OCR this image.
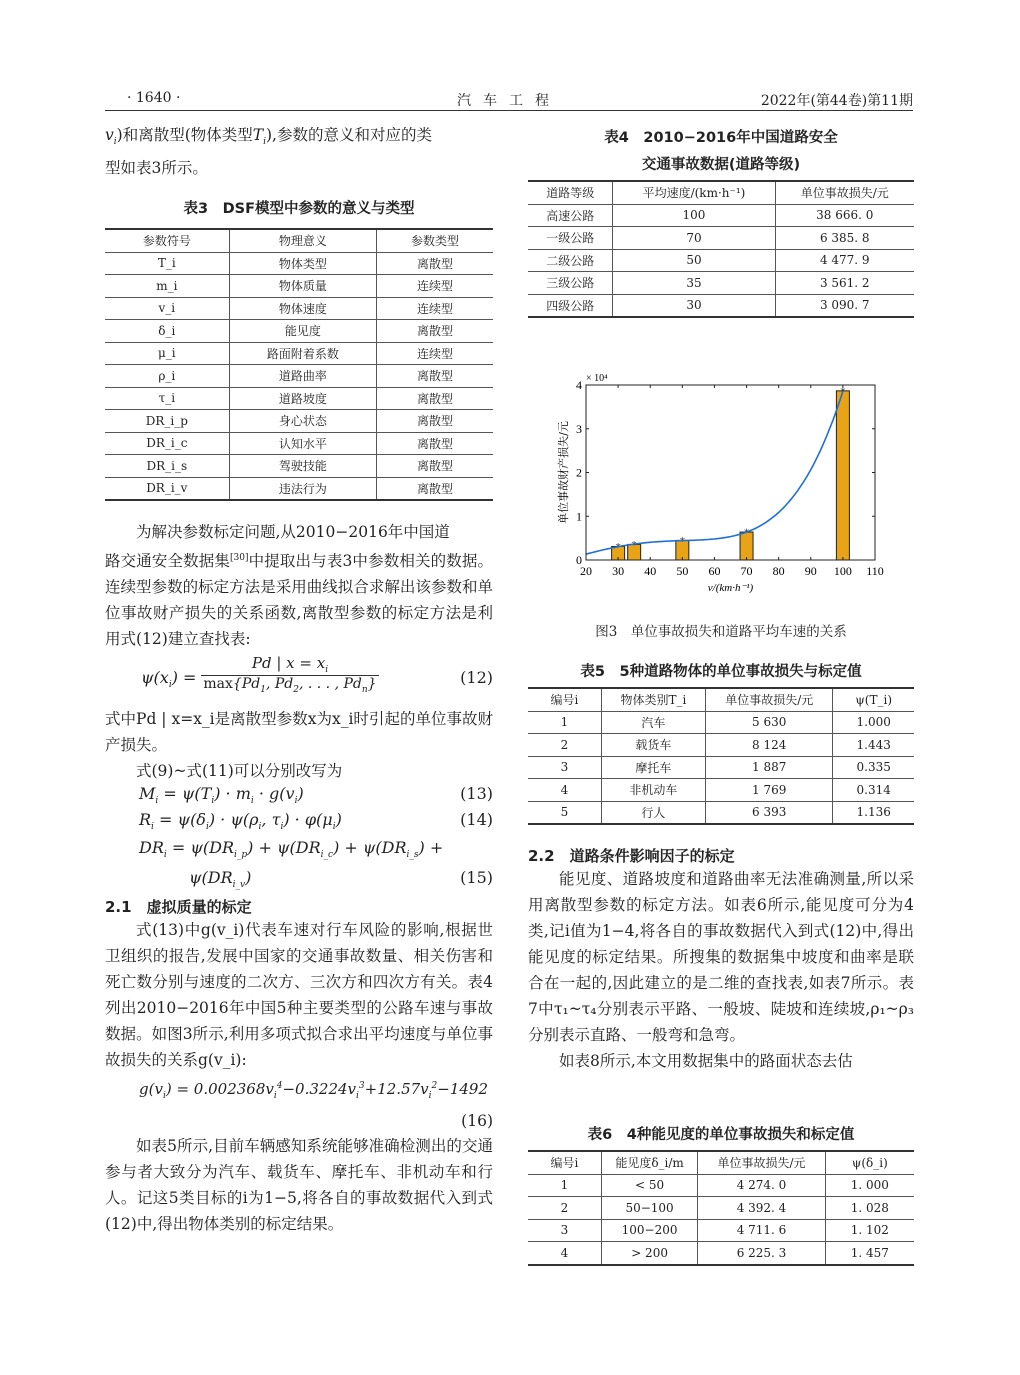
· 1640 ·	汽车工程	2022年(第44卷)第11期
$v_i$)和离散型(物体类型$T_i$),参数的意义和对应的类
型如表3所示。
表3　DSF模型中参数的意义与类型
参数符号	物理意义	参数类型
T_i	物体类型	离散型
m_i	物体质量	连续型
v_i	物体速度	连续型
δ_i	能见度	离散型
μ_i	路面附着系数	连续型
ρ_i	道路曲率	离散型
τ_i	道路坡度	离散型
DR_i_p	身心状态	离散型
DR_i_c	认知水平	离散型
DR_i_s	驾驶技能	离散型
DR_i_v	违法行为	离散型
为解决参数标定问题,从2010−2016年中国道
路交通安全数据集[30]中提取出与表3中参数相关的数据。连续型参数的标定方法是采用曲线拟合求解出该参数和单位事故财产损失的关系函数,离散型参数的标定方法是利用式(12)建立查找表:
$\psi(x_i)$ =
Pd | $x = x_i$
$\max\{Pd_1$, $Pd_2$, . . . , $Pd_n$}	(12)
式中Pd | x=x_i是离散型参数x为x_i时引起的单位事故财产损失。
式(9)~式(11)可以分别改写为
$M_i = \psi(T_i) \cdot m_i \cdot g(v_i)$	(13)
$R_i = \psi(\delta_i) \cdot \psi(\rho_i$, $\tau_i) \cdot \varphi(\mu_i)$	(14)
$DR_i = \psi(DR_{i\_p}) + \psi(DR_{i\_c}) + \psi(DR_{i\_s})$ +
$\psi(DR_{i\_v})$	(15)
2.1　虚拟质量的标定
式(13)中g(v_i)代表车速对行车风险的影响,根据世卫组织的报告,发展中国家的交通事故数量、相关伤害和死亡数分别与速度的二次方、三次方和四次方有关。表4列出2010−2016年中国5种主要类型的公路车速与事故数据。如图3所示,利用多项式拟合求出平均速度与单位事故损失的关系g(v_i):
$g(v_i) = 0.002368v_i^4-0.3224v_i^3+12.57v_i^2-1492$
(16)
如表5所示,目前车辆感知系统能够准确检测出的交通参与者大致分为汽车、载货车、摩托车、非机动车和行人。记这5类目标的i为1−5,将各自的事故数据代入到式(12)中,得出物体类别的标定结果。
表4　2010−2016年中国道路安全
交通事故数据(道路等级)
道路等级	平均速度/(km·h⁻¹)	单位事故损失/元
高速公路	100	38 666. 0
一级公路	70	6 385. 8
二级公路	50	4 477. 9
三级公路	35	3 561. 2
四级公路	30	3 090. 7
* *	*
*
*
20 30 40 50 60 70 80 90 100 110
0
1
2
3
4 × 10⁴
v/(km·h⁻¹)
单位事故财产损失/元
图3　单位事故损失和道路平均车速的关系
表5　5种道路物体的单位事故损失与标定值
编号i	物体类别T_i	单位事故损失/元	ψ(T_i)
1	汽车	5 630	1.000
2	载货车	8 124	1.443
3	摩托车	1 887	0.335
4	非机动车	1 769	0.314
5	行人	6 393	1.136
2.2　道路条件影响因子的标定
能见度、道路坡度和道路曲率无法准确测量,所以采用离散型参数的标定方法。如表6所示,能见度可分为4类,记i值为1−4,将各自的事故数据代入到式(12)中,得出能见度的标定结果。所搜集的数据集中坡度和曲率是联合在一起的,因此建立的是二维的查找表,如表7所示。表7中τ₁~τ₄分别表示平路、一般坡、陡坡和连续坡,ρ₁~ρ₃分别表示直路、一般弯和急弯。
如表8所示,本文用数据集中的路面状态去估
表6　4种能见度的单位事故损失和标定值
编号i	能见度δ_i/m	单位事故损失/元	ψ(δ_i)
1	< 50	4 274. 0	1. 000
2	50−100	4 392. 4	1. 028
3	100−200	4 711. 6	1. 102
4	> 200	6 225. 3	1. 457
